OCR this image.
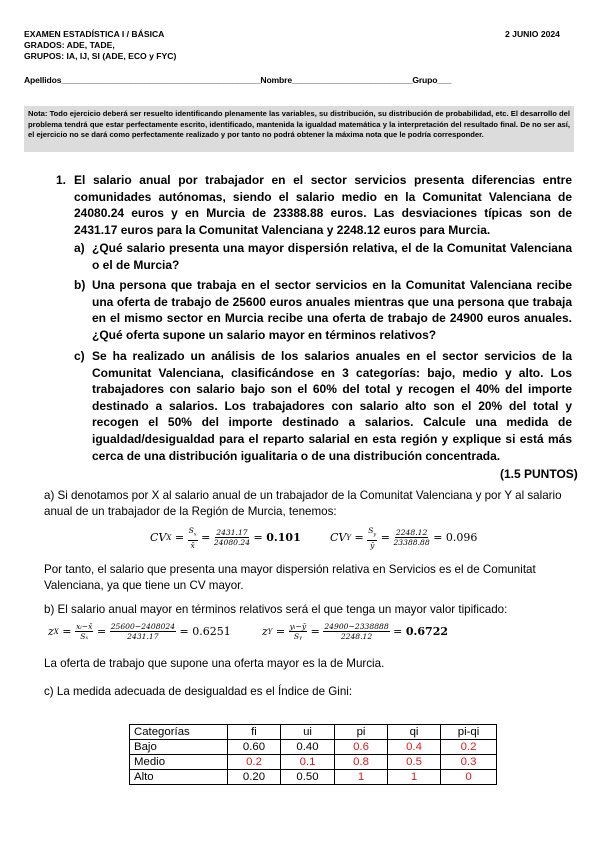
EXAMEN ESTADÍSTICA I / BÁSICA	2 JUNIO 2024
GRADOS: ADE, TADE,
GRUPOS: IA, IJ, SI (ADE, ECO y FYC)
Apellidos___________________________________________Nombre__________________________Grupo___
Nota: Todo ejercicio deberá ser resuelto identificando plenamente las variables, su distribución, su distribución de probabilidad, etc. El desarrollo del problema tendrá que estar perfectamente escrito, identificado, mantenida la igualdad matemática y la interpretación del resultado final. De no ser así, el ejercicio no se dará como perfectamente realizado y por tanto no podrá obtener la máxima nota que le podría corresponder.
1. El salario anual por trabajador en el sector servicios presenta diferencias entre comunidades autónomas, siendo el salario medio en la Comunitat Valenciana de 24080.24 euros y en Murcia de 23388.88 euros. Las desviaciones típicas son de 2431.17 euros para la Comunitat Valenciana y 2248.12 euros para Murcia.
a) ¿Qué salario presenta una mayor dispersión relativa, el de la Comunitat Valenciana o el de Murcia?
b) Una persona que trabaja en el sector servicios en la Comunitat Valenciana recibe una oferta de trabajo de 25600 euros anuales mientras que una persona que trabaja en el mismo sector en Murcia recibe una oferta de trabajo de 24900 euros anuales. ¿Qué oferta supone un salario mayor en términos relativos?
c) Se ha realizado un análisis de los salarios anuales en el sector servicios de la Comunitat Valenciana, clasificándose en 3 categorías: bajo, medio y alto. Los trabajadores con salario bajo son el 60% del total y recogen el 40% del importe destinado a salarios. Los trabajadores con salario alto son el 20% del total y recogen el 50% del importe destinado a salarios. Calcule una medida de igualdad/desigualdad para el reparto salarial en esta región y explique si está más cerca de una distribución igualitaria o de una distribución concentrada.
(1.5 PUNTOS)
a) Si denotamos por X al salario anual de un trabajador de la Comunitat Valenciana y por Y al salario anual de un trabajador de la Región de Murcia, tenemos:
CV $X = \frac{S_x}{x̄} = \frac{2431.17}{24080.24} = 0.101$	CV $Y = \frac{S_y}{ȳ} = \frac{2248.12}{23388.88} = 0.096$
Por tanto, el salario que presenta una mayor dispersión relativa en Servicios es el de Comunitat Valenciana, ya que tiene un CV mayor.
b) El salario anual mayor en términos relativos será el que tenga un mayor valor tipificado:
z $X = \frac{\text{xᵢ−x̄}}{\text{Sₓ}} = \frac{25600-2408024}{2431.17} = 0.6251$	z $Y = \frac{\text{yᵢ−ȳ}}{\text{Sᵧ}} = \frac{24900-2338888}{2248.12} = 0.6722$
La oferta de trabajo que supone una oferta mayor es la de Murcia.
c) La medida adecuada de desigualdad es el Índice de Gini:
Categorías	fi	ui	pi	qi	pi-qi
Bajo	0.60	0.40	0.6	0.4	0.2
Medio	0.2	0.1	0.8	0.5	0.3
Alto	0.20	0.50	1	1	0
